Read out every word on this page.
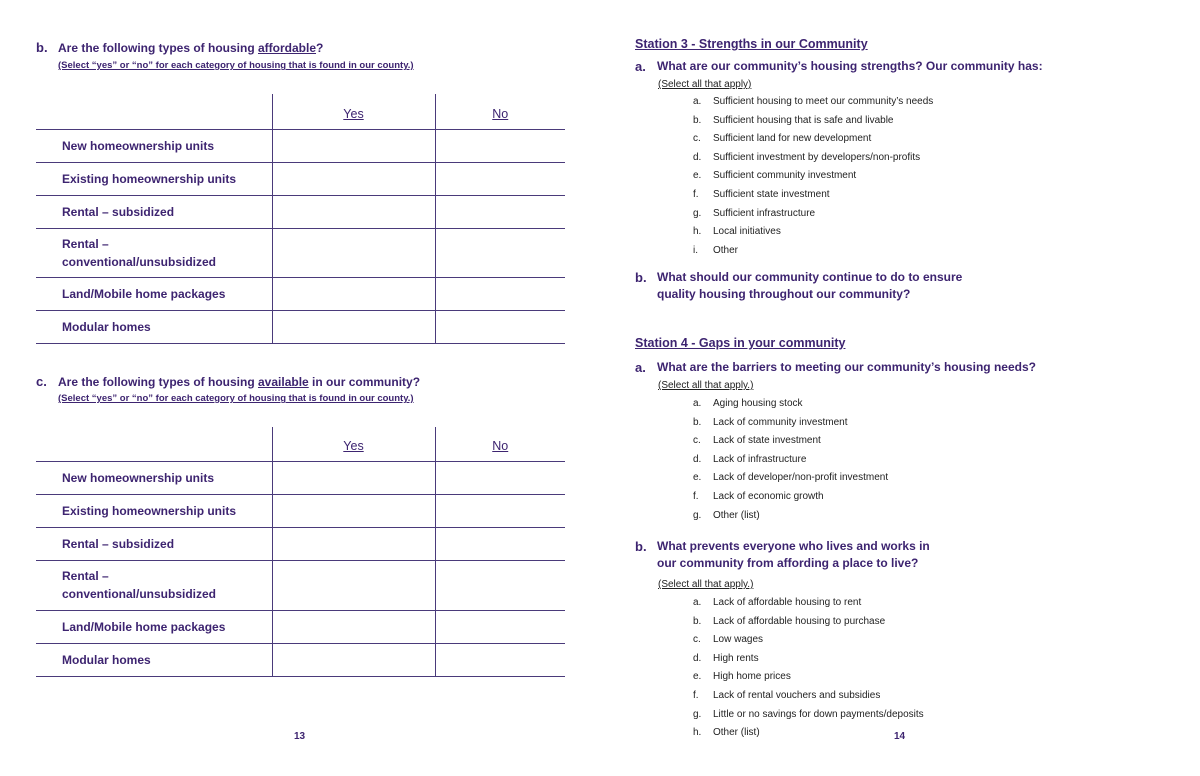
b. Are the following types of housing affordable?
(Select “yes” or “no” for each category of housing that is found in our county.)
	Yes	No
New homeownership units		
Existing homeownership units		
Rental – subsidized		
Rental –
conventional/unsubsidized		
Land/Mobile home packages		
Modular homes		
c. Are the following types of housing available in our community?
(Select “yes” or “no” for each category of housing that is found in our county.)
	Yes	No
New homeownership units		
Existing homeownership units		
Rental – subsidized		
Rental –
conventional/unsubsidized		
Land/Mobile home packages		
Modular homes		
13
Station 3 - Strengths in our Community
a. What are our community’s housing strengths? Our community has:
(Select all that apply)
a. Sufficient housing to meet our community’s needs
b. Sufficient housing that is safe and livable
c. Sufficient land for new development
d. Sufficient investment by developers/non-profits
e. Sufficient community investment
f. Sufficient state investment
g. Sufficient infrastructure
h. Local initiatives
i. Other
b. What should our community continue to do to ensure
quality housing throughout our community?
Station 4 - Gaps in your community
a. What are the barriers to meeting our community’s housing needs?
(Select all that apply.)
a. Aging housing stock
b. Lack of community investment
c. Lack of state investment
d. Lack of infrastructure
e. Lack of developer/non-profit investment
f. Lack of economic growth
g. Other (list)
b. What prevents everyone who lives and works in
our community from affording a place to live?
(Select all that apply.)
a. Lack of affordable housing to rent
b. Lack of affordable housing to purchase
c. Low wages
d. High rents
e. High home prices
f. Lack of rental vouchers and subsidies
g. Little or no savings for down payments/deposits
h. Other (list)	14
